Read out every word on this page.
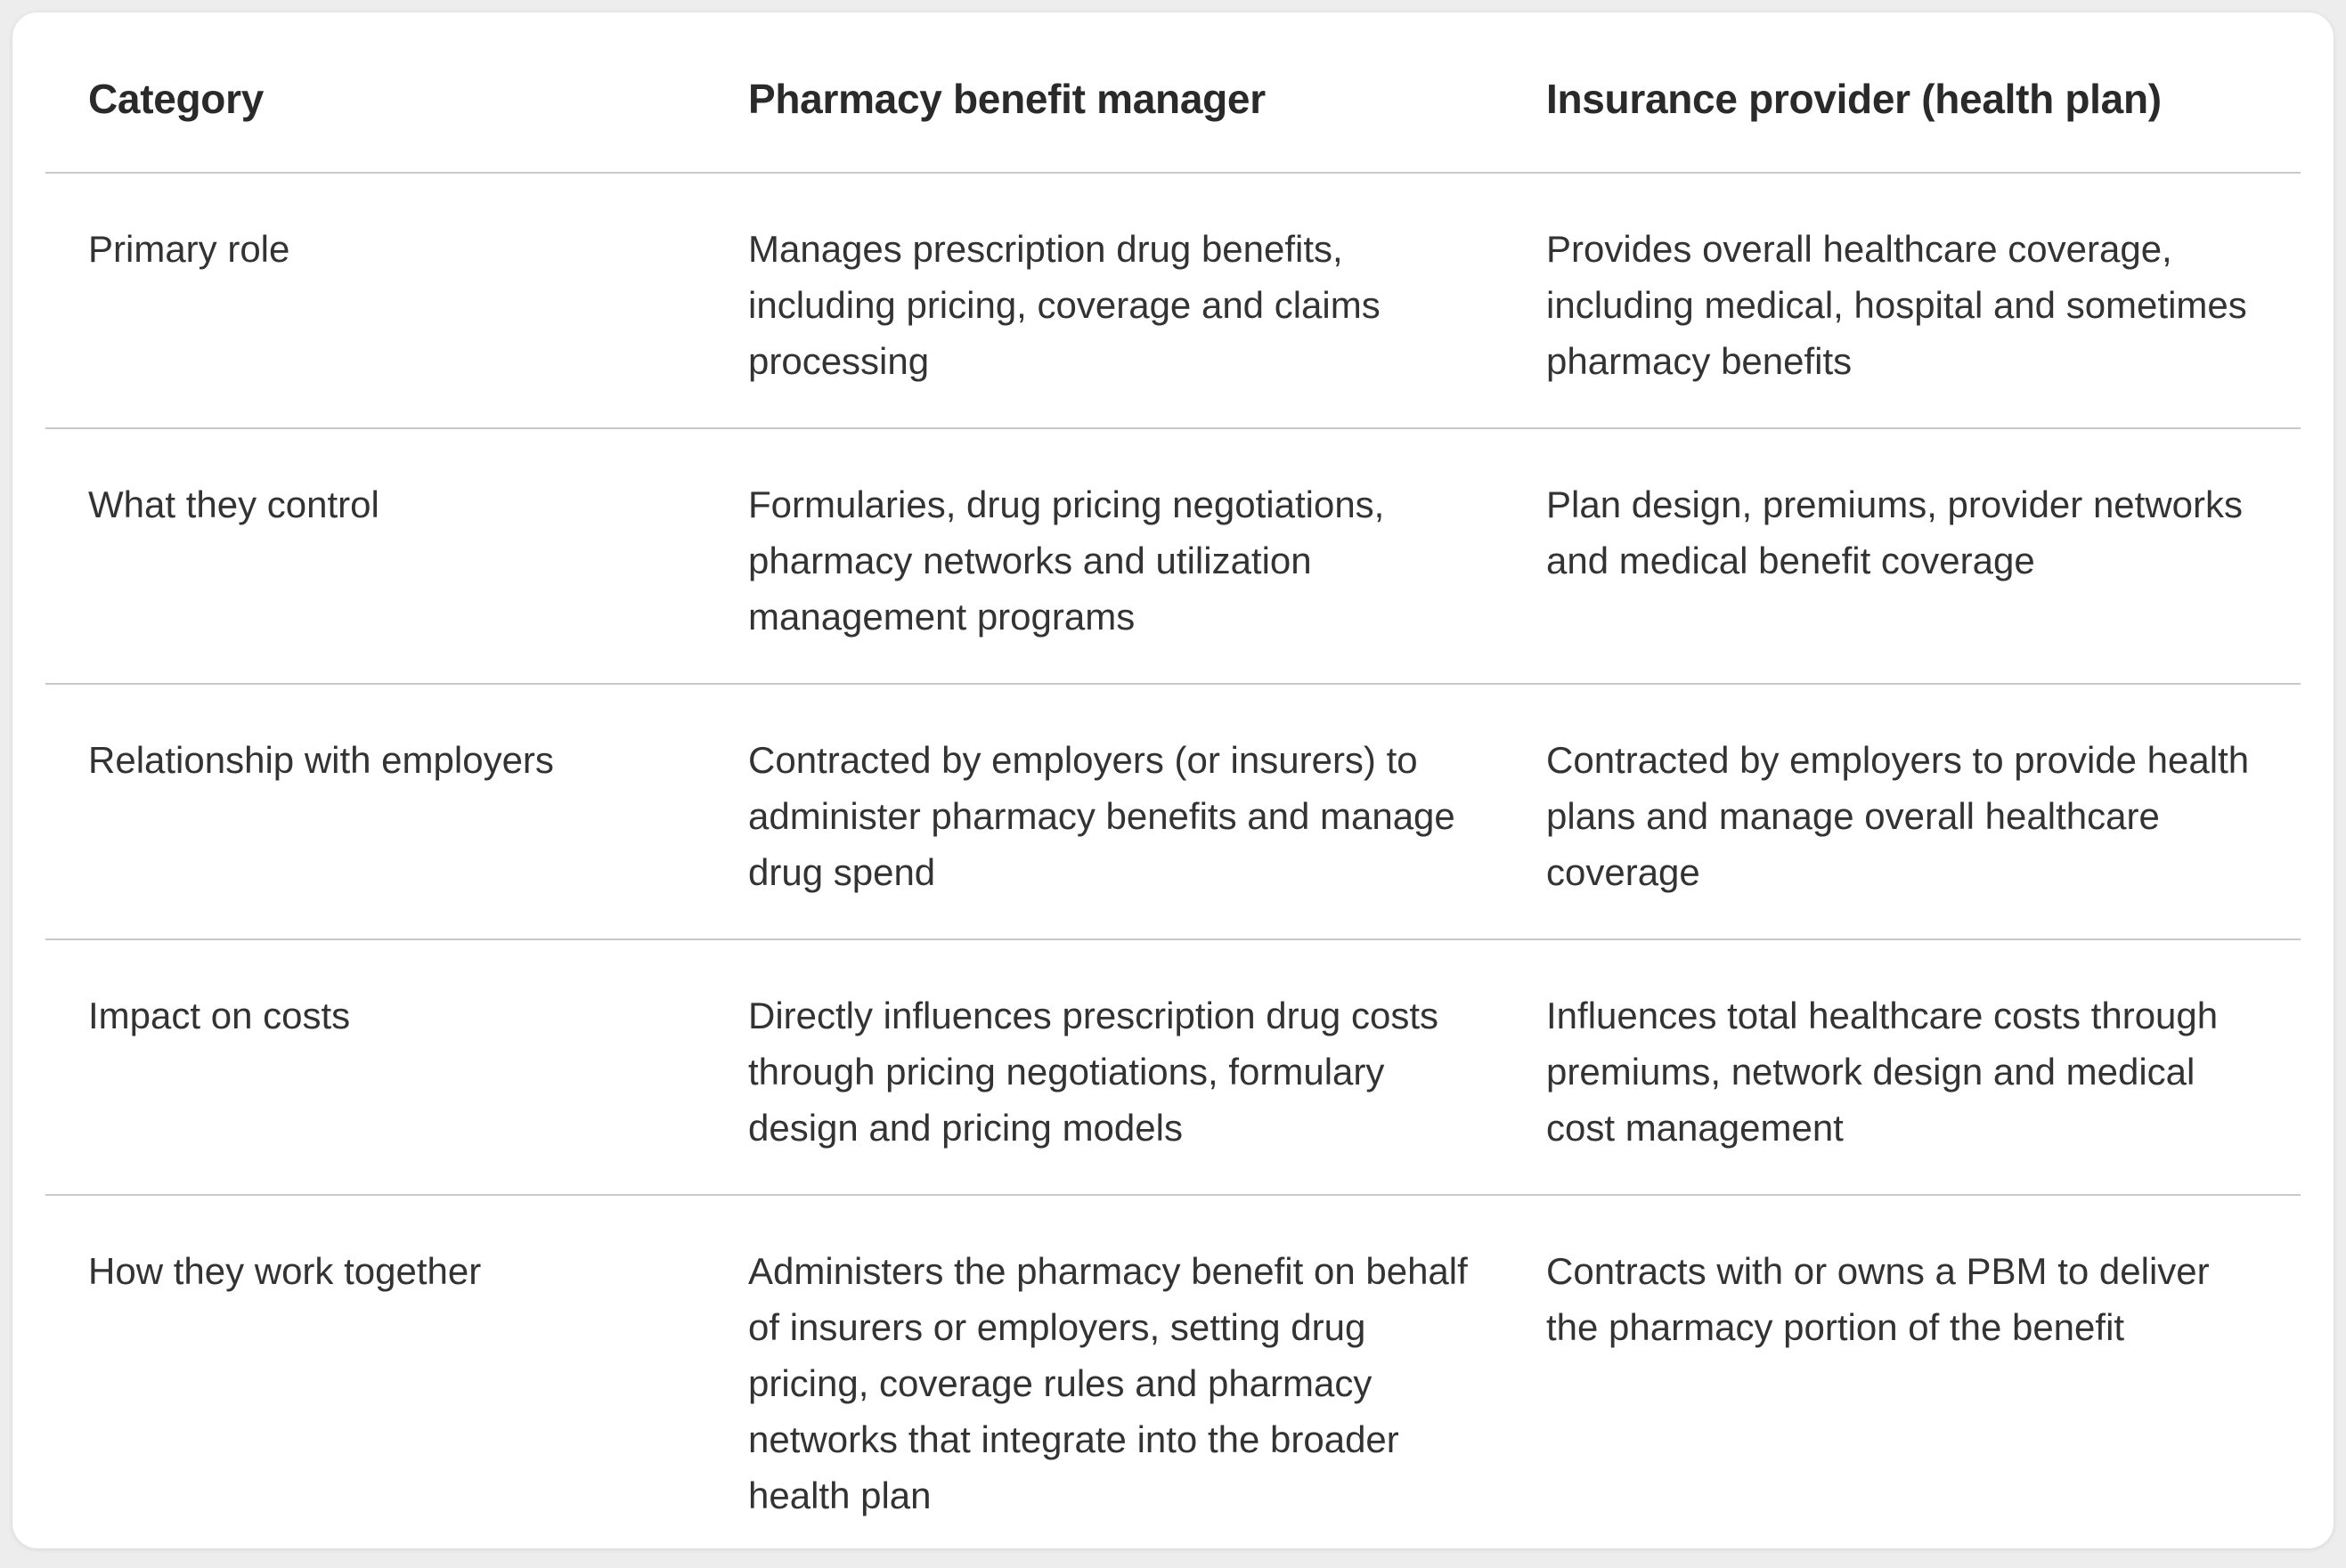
Category	Pharmacy benefit manager	Insurance provider (health plan)
Primary role	Manages prescription drug benefits, including pricing, coverage and claims processing	Provides overall healthcare coverage, including medical, hospital and sometimes pharmacy benefits
What they control	Formularies, drug pricing negotiations, pharmacy networks and utilization management programs	Plan design, premiums, provider networks and medical benefit coverage
Relationship with employers	Contracted by employers (or insurers) to administer pharmacy benefits and manage drug spend	Contracted by employers to provide health plans and manage overall healthcare coverage
Impact on costs	Directly influences prescription drug costs through pricing negotiations, formulary design and pricing models	Influences total healthcare costs through premiums, network design and medical cost management
How they work together	Administers the pharmacy benefit on behalf of insurers or employers, setting drug pricing, coverage rules and pharmacy networks that integrate into the broader health plan	Contracts with or owns a PBM to deliver the pharmacy portion of the benefit
